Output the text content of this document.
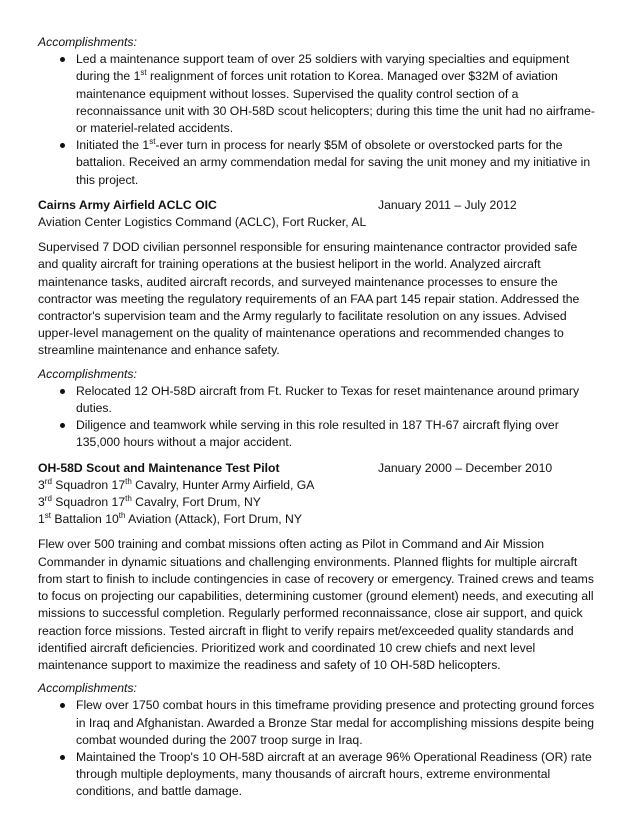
Accomplishments:
Led a maintenance support team of over 25 soldiers with varying specialties and equipment during the 1st realignment of forces unit rotation to Korea. Managed over $32M of aviation maintenance equipment without losses. Supervised the quality control section of a reconnaissance unit with 30 OH-58D scout helicopters; during this time the unit had no airframe- or materiel-related accidents.
Initiated the 1st-ever turn in process for nearly $5M of obsolete or overstocked parts for the battalion. Received an army commendation medal for saving the unit money and my initiative in this project.
Cairns Army Airfield ACLC OIC	January 2011 – July 2012
Aviation Center Logistics Command (ACLC), Fort Rucker, AL

Supervised 7 DOD civilian personnel responsible for ensuring maintenance contractor provided safe and quality aircraft for training operations at the busiest heliport in the world. Analyzed aircraft maintenance tasks, audited aircraft records, and surveyed maintenance processes to ensure the contractor was meeting the regulatory requirements of an FAA part 145 repair station. Addressed the contractor's supervision team and the Army regularly to facilitate resolution on any issues. Advised upper-level management on the quality of maintenance operations and recommended changes to streamline maintenance and enhance safety.

Accomplishments:
Relocated 12 OH-58D aircraft from Ft. Rucker to Texas for reset maintenance around primary duties.
Diligence and teamwork while serving in this role resulted in 187 TH-67 aircraft flying over 135,000 hours without a major accident.
OH-58D Scout and Maintenance Test Pilot	January 2000 – December 2010
3rd Squadron 17th Cavalry, Hunter Army Airfield, GA
3rd Squadron 17th Cavalry, Fort Drum, NY
1st Battalion 10th Aviation (Attack), Fort Drum, NY

Flew over 500 training and combat missions often acting as Pilot in Command and Air Mission Commander in dynamic situations and challenging environments. Planned flights for multiple aircraft from start to finish to include contingencies in case of recovery or emergency. Trained crews and teams to focus on projecting our capabilities, determining customer (ground element) needs, and executing all missions to successful completion. Regularly performed reconnaissance, close air support, and quick reaction force missions. Tested aircraft in flight to verify repairs met/exceeded quality standards and identified aircraft deficiencies. Prioritized work and coordinated 10 crew chiefs and next level maintenance support to maximize the readiness and safety of 10 OH-58D helicopters.

Accomplishments:
Flew over 1750 combat hours in this timeframe providing presence and protecting ground forces in Iraq and Afghanistan. Awarded a Bronze Star medal for accomplishing missions despite being combat wounded during the 2007 troop surge in Iraq.
Maintained the Troop's 10 OH-58D aircraft at an average 96% Operational Readiness (OR) rate through multiple deployments, many thousands of aircraft hours, extreme environmental conditions, and battle damage.
